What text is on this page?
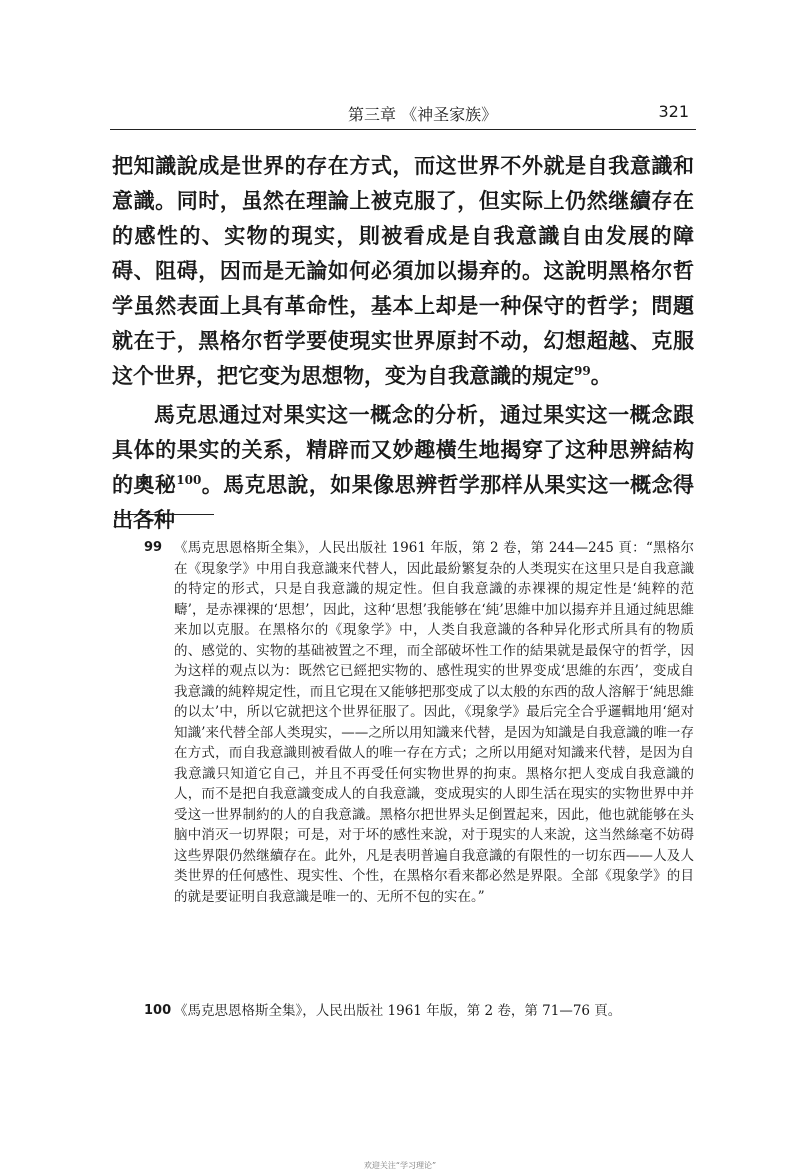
第三章 《神圣家族》	321

把知識說成是世界的存在方式，而这世界不外就是自我意識和意識。同时，虽然在理論上被克服了，但实际上仍然继續存在的感性的、实物的現实，則被看成是自我意識自由发展的障碍、阻碍，因而是无論如何必須加以揚弃的。这說明黑格尔哲学虽然表面上具有革命性，基本上却是一种保守的哲学；問題就在于，黑格尔哲学要使現实世界原封不动，幻想超越、克服这个世界，把它变为思想物，变为自我意識的規定$^{99}$。

馬克思通过对果实这一概念的分析，通过果实这一概念跟具体的果实的关系，精辟而又妙趣橫生地揭穿了这种思辨結构的奧秘$^{100}$。馬克思說，如果像思辨哲学那样从果实这一概念得出各种

99 《馬克思恩格斯全集》，人民出版社 1961 年版，第 2 卷，第 244—245 頁：“黑格尔在《現象学》中用自我意識来代替人，因此最紛繁复杂的人类現实在这里只是自我意識的特定的形式，只是自我意識的規定性。但自我意識的赤裸裸的規定性是‘純粹的范疇’，是赤裸裸的‘思想’，因此，这种‘思想’我能够在‘純’思維中加以揚弃并且通过純思維来加以克服。在黑格尔的《現象学》中，人类自我意識的各种异化形式所具有的物质的、感觉的、实物的基础被置之不理，而全部破坏性工作的結果就是最保守的哲学，因为这样的观点以为：既然它已經把实物的、感性現实的世界变成‘思維的东西’，变成自我意識的純粹規定性，而且它現在又能够把那变成了以太般的东西的敌人溶解于‘純思維的以太’中，所以它就把这个世界征服了。因此，《現象学》最后完全合乎邏輯地用‘絕对知識’来代替全部人类現实，——之所以用知識来代替，是因为知識是自我意識的唯一存在方式，而自我意識則被看做人的唯一存在方式；之所以用絕对知識来代替，是因为自我意識只知道它自己，并且不再受任何实物世界的拘束。黑格尔把人变成自我意識的人，而不是把自我意識变成人的自我意識，变成現实的人即生活在現实的实物世界中并受这一世界制約的人的自我意識。黑格尔把世界头足倒置起来，因此，他也就能够在头脑中消灭一切界限；可是，对于坏的感性来說，对于現实的人来說，这当然絲毫不妨碍这些界限仍然继續存在。此外，凡是表明普遍自我意識的有限性的一切东西——人及人类世界的任何感性、現实性、个性，在黑格尔看来都必然是界限。全部《現象学》的目的就是要证明自我意識是唯一的、无所不包的实在。”
100 《馬克思恩格斯全集》，人民出版社 1961 年版，第 2 卷，第 71—76 頁。
欢迎关注“学习理论”
